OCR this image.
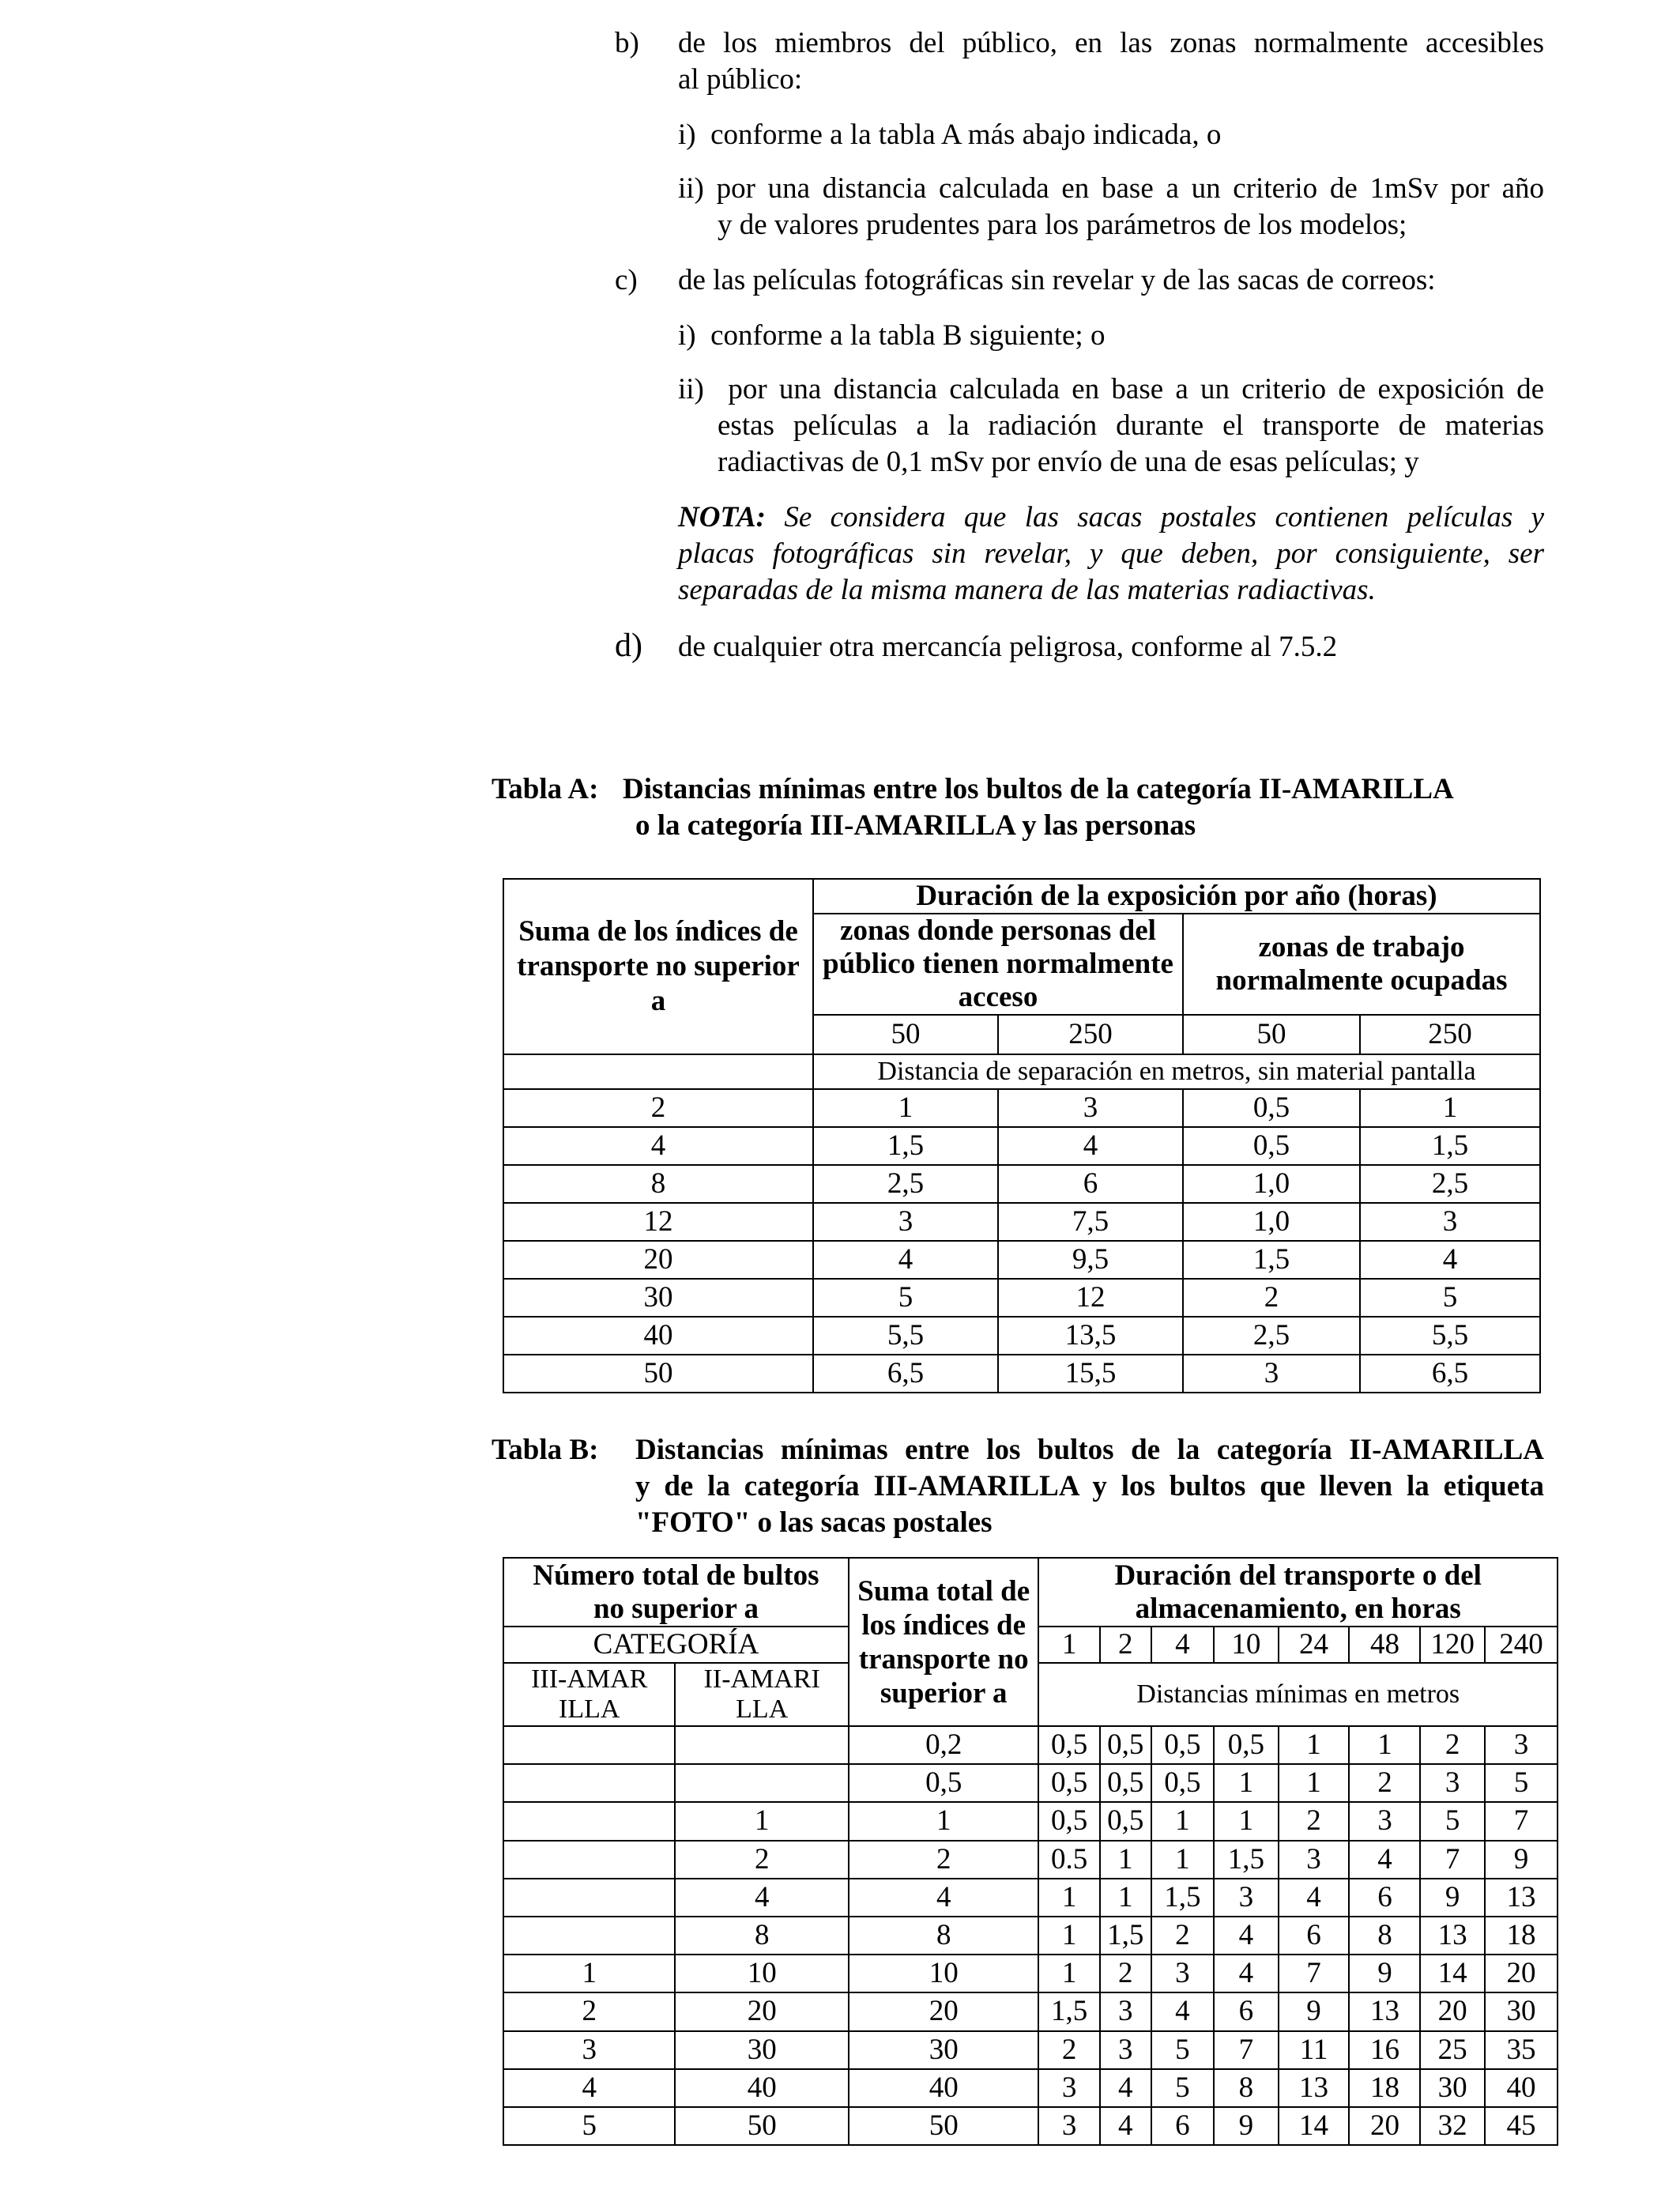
b) de los miembros del público, en las zonas normalmente accesibles
al público:
i)  conforme a la tabla A más abajo indicada, o
ii) por una distancia calculada en base a un criterio de 1mSv por año
y de valores prudentes para los parámetros de los modelos;
c) de las películas fotográficas sin revelar y de las sacas de correos:
i)  conforme a la tabla B siguiente; o
ii)  por una distancia calculada en base a un criterio de exposición de
estas películas a la radiación durante el transporte de materias
radiactivas de 0,1 mSv por envío de una de esas películas; y
NOTA: Se considera que las sacas postales contienen películas y
placas fotográficas sin revelar, y que deben, por consiguiente, ser
separadas de la misma manera de las materias radiactivas.
d) de cualquier otra mercancía peligrosa, conforme al 7.5.2
Tabla A: Distancias mínimas entre los bultos de la categoría II-AMARILLA
o la categoría III-AMARILLA y las personas
Suma de los índices de transporte no superior a	Duración de la exposición por año (horas)			
	zonas donde personas del público tienen normalmente acceso		zonas de trabajo normalmente ocupadas	
	50	250	50	250
	Distancia de separación en metros, sin material pantalla			
2	1	3	0,5	1
4	1,5	4	0,5	1,5
8	2,5	6	1,0	2,5
12	3	7,5	1,0	3
20	4	9,5	1,5	4
30	5	12	2	5
40	5,5	13,5	2,5	5,5
50	6,5	15,5	3	6,5
Tabla B: Distancias mínimas entre los bultos de la categoría II-AMARILLA
y de la categoría III-AMARILLA y los bultos que lleven la etiqueta
"FOTO" o las sacas postales
Número total de bultos no superior a		Suma total de los índices de transporte no superior a	Duración del transporte o del almacenamiento, en horas							
CATEGORÍA			1	2	4	10	24	48	120	240
III-AMARILLA	II-AMARILLA		Distancias mínimas en metros							
		0,2	0,5	0,5	0,5	0,5	1	1	2	3
		0,5	0,5	0,5	0,5	1	1	2	3	5
	1	1	0,5	0,5	1	1	2	3	5	7
	2	2	0.5	1	1	1,5	3	4	7	9
	4	4	1	1	1,5	3	4	6	9	13
	8	8	1	1,5	2	4	6	8	13	18
1	10	10	1	2	3	4	7	9	14	20
2	20	20	1,5	3	4	6	9	13	20	30
3	30	30	2	3	5	7	11	16	25	35
4	40	40	3	4	5	8	13	18	30	40
5	50	50	3	4	6	9	14	20	32	45
